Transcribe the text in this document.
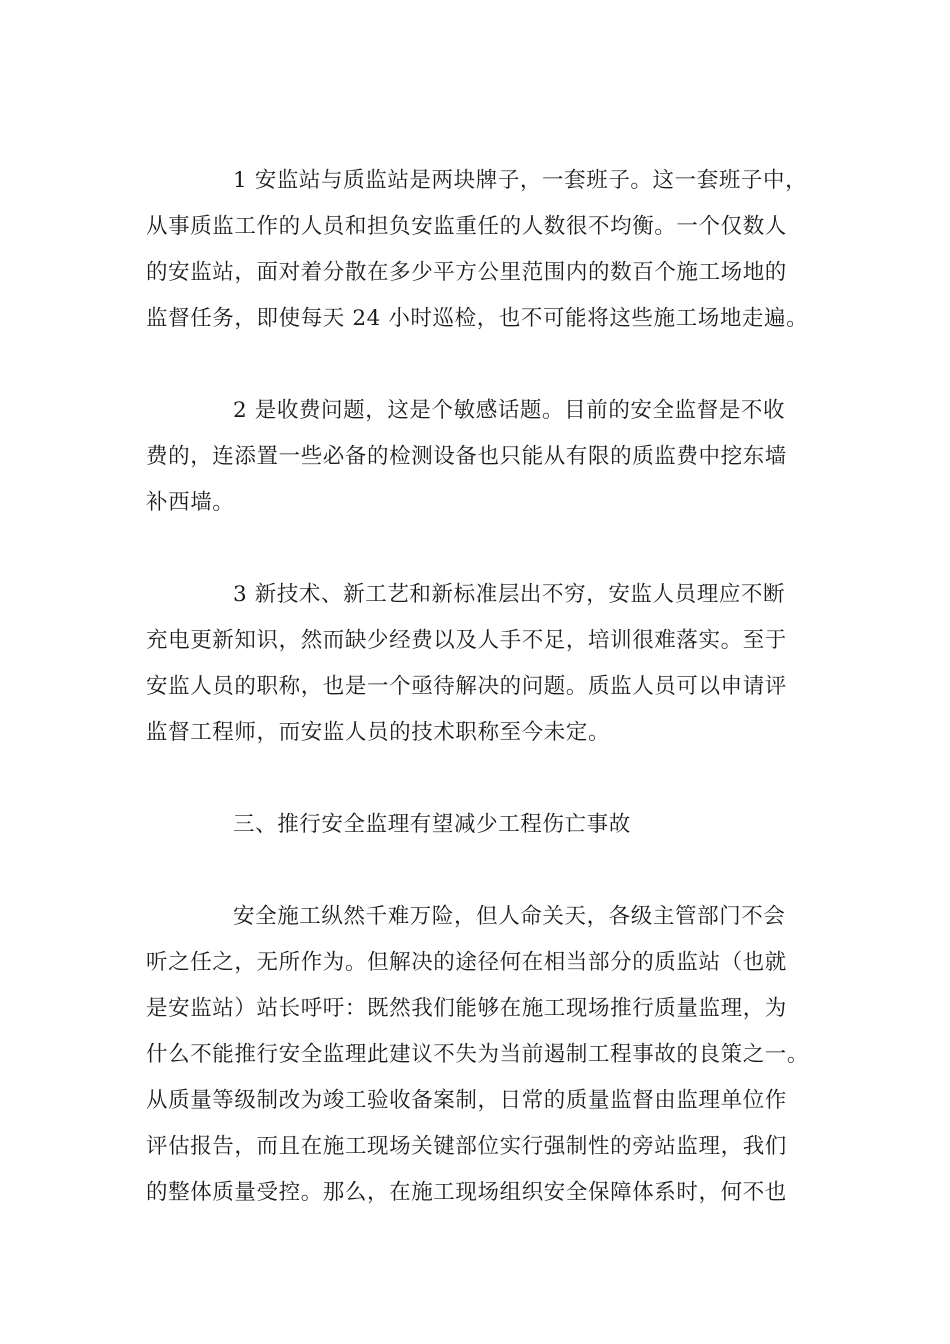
1 安监站与质监站是两块牌子，一套班子。这一套班子中，
从事质监工作的人员和担负安监重任的人数很不均衡。一个仅数人
的安监站，面对着分散在多少平方公里范围内的数百个施工场地的
监督任务，即使每天 24 小时巡检，也不可能将这些施工场地走遍。
2 是收费问题，这是个敏感话题。目前的安全监督是不收
费的，连添置一些必备的检测设备也只能从有限的质监费中挖东墙
补西墙。
3 新技术、新工艺和新标准层出不穷，安监人员理应不断
充电更新知识，然而缺少经费以及人手不足，培训很难落实。至于
安监人员的职称，也是一个亟待解决的问题。质监人员可以申请评
监督工程师，而安监人员的技术职称至今未定。
三、推行安全监理有望减少工程伤亡事故
安全施工纵然千难万险，但人命关天，各级主管部门不会
听之任之，无所作为。但解决的途径何在相当部分的质监站（也就
是安监站）站长呼吁：既然我们能够在施工现场推行质量监理，为
什么不能推行安全监理此建议不失为当前遏制工程事故的良策之一。
从质量等级制改为竣工验收备案制，日常的质量监督由监理单位作
评估报告，而且在施工现场关键部位实行强制性的旁站监理，我们
的整体质量受控。那么，在施工现场组织安全保障体系时，何不也
